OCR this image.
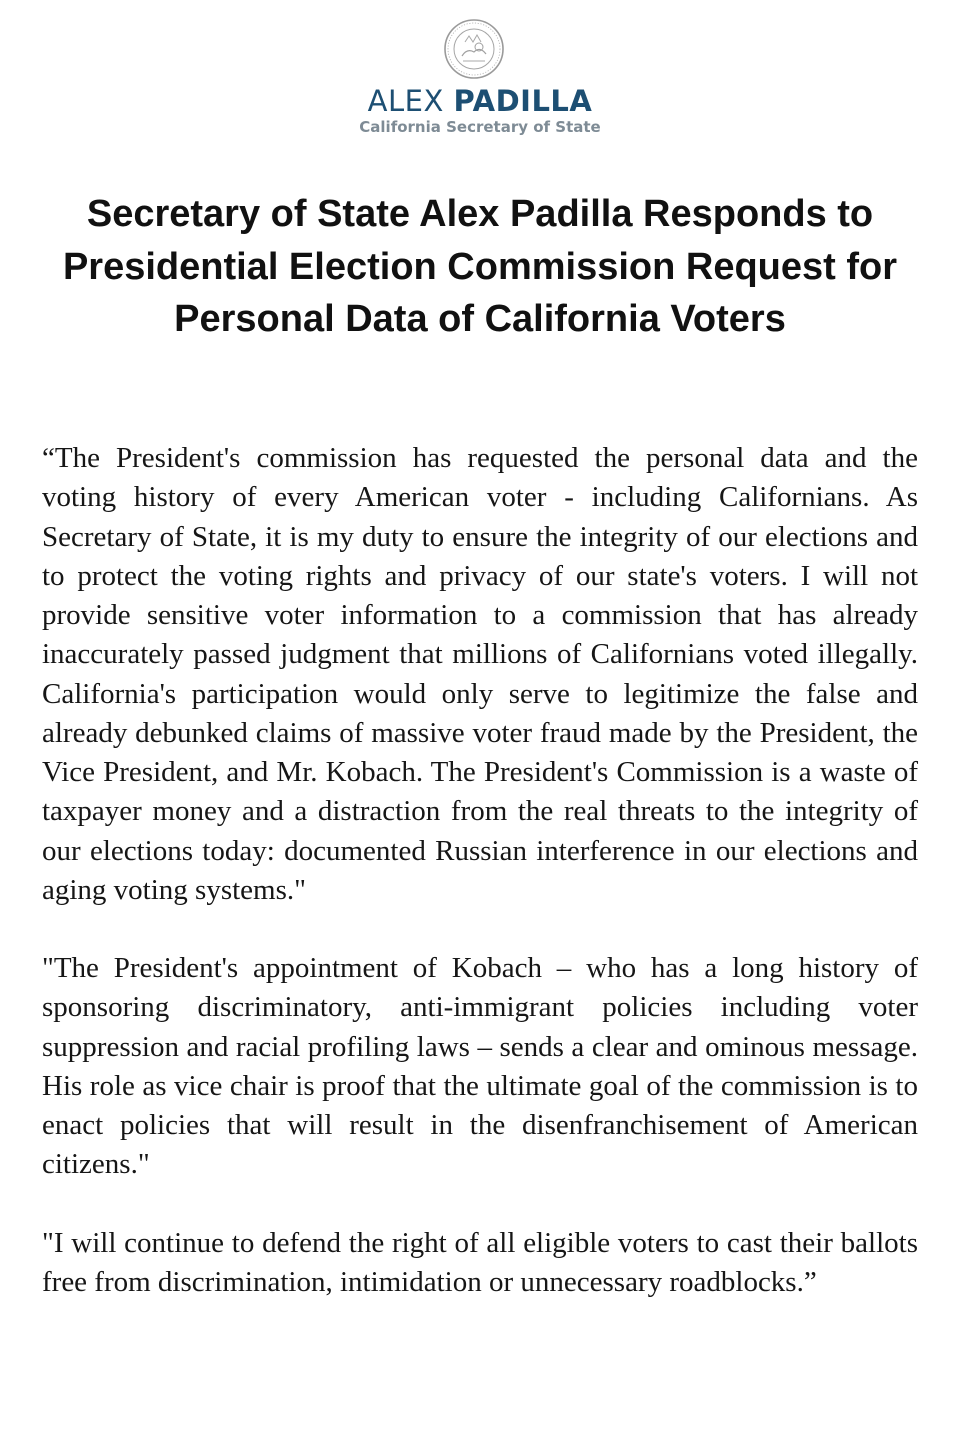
ALEX PADILLA
California Secretary of State
Secretary of State Alex Padilla Responds to Presidential Election Commission Request for Personal Data of California Voters

“The President's commission has requested the personal data and the voting history of every American voter - including Californians. As Secretary of State, it is my duty to ensure the integrity of our elections and to protect the voting rights and privacy of our state's voters. I will not provide sensitive voter information to a commission that has already inaccurately passed judgment that millions of Californians voted illegally. California's participation would only serve to legitimize the false and already debunked claims of massive voter fraud made by the President, the Vice President, and Mr. Kobach. The President's Commission is a waste of taxpayer money and a distraction from the real threats to the integrity of our elections today: documented Russian interference in our elections and aging voting systems."

"The President's appointment of Kobach – who has a long history of sponsoring discriminatory, anti-immigrant policies including voter suppression and racial profiling laws – sends a clear and ominous message. His role as vice chair is proof that the ultimate goal of the commission is to enact policies that will result in the disenfranchisement of American citizens."

"I will continue to defend the right of all eligible voters to cast their ballots free from discrimination, intimidation or unnecessary roadblocks.”
